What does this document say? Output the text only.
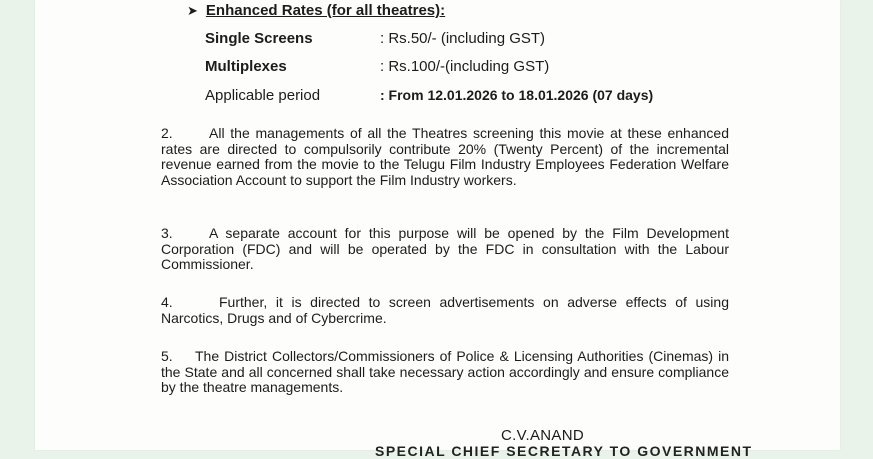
➤ Enhanced Rates (for all theatres):
Single Screens	: Rs.50/- (including GST)
Multiplexes	: Rs.100/-(including GST)
Applicable period	: From 12.01.2026 to 18.01.2026 (07 days)

2.	All the managements of all the Theatres screening this movie at these enhanced rates are directed to compulsorily contribute 20% (Twenty Percent) of the incremental revenue earned from the movie to the Telugu Film Industry Employees Federation Welfare Association Account to support the Film Industry workers.

3.	A separate account for this purpose will be opened by the Film Development Corporation (FDC) and will be operated by the FDC in consultation with the Labour Commissioner.

4.	Further, it is directed to screen advertisements on adverse effects of using Narcotics, Drugs and of Cybercrime.

5. The District Collectors/Commissioners of Police & Licensing Authorities (Cinemas) in the State and all concerned shall take necessary action accordingly and ensure compliance by the theatre managements.

C.V.ANAND
SPECIAL CHIEF SECRETARY TO GOVERNMENT
